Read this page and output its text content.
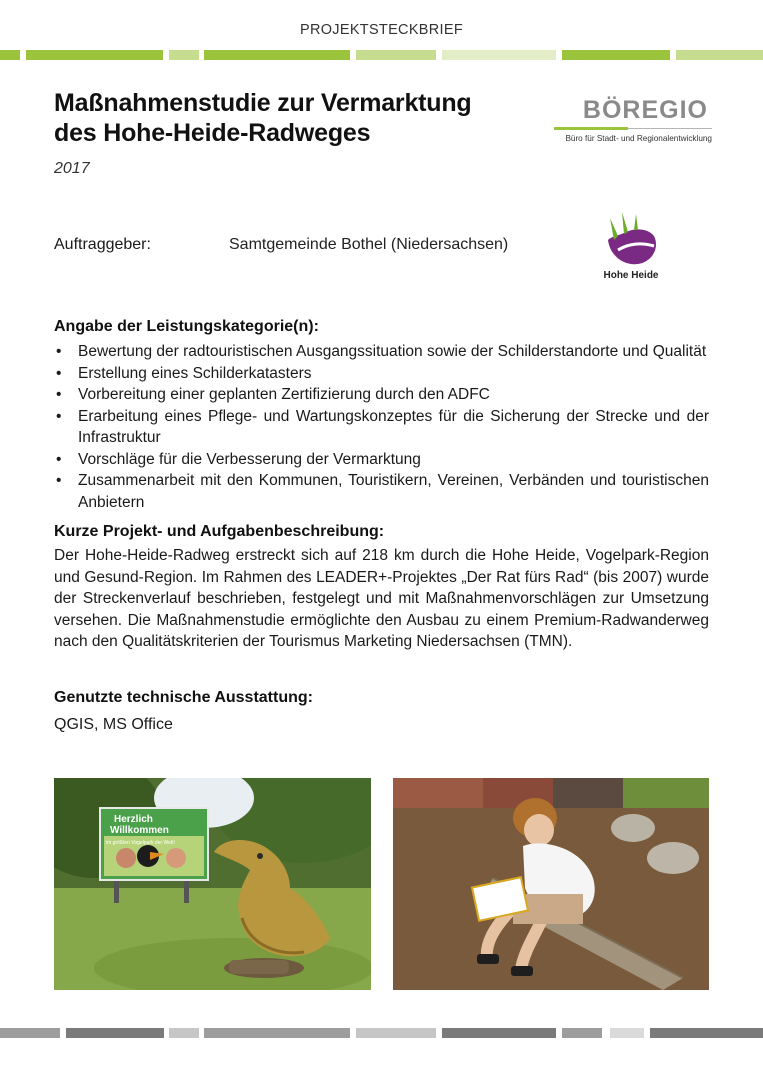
PROJEKTSTECKBRIEF
Maßnahmenstudie zur Vermarktung
des Hohe-Heide-Radweges
2017
BÖREGIO
Büro für Stadt- und Regionalentwicklung
Auftraggeber:	Samtgemeinde Bothel (Niedersachsen)
Hohe Heide
Angabe der Leistungskategorie(n):
• Bewertung der radtouristischen Ausgangssituation sowie der Schilderstandorte und Qualität
• Erstellung eines Schilderkatasters
• Vorbereitung einer geplanten Zertifizierung durch den ADFC
• Erarbeitung eines Pflege- und Wartungskonzeptes für die Sicherung der Strecke und der Infrastruktur
• Vorschläge für die Verbesserung der Vermarktung
• Zusammenarbeit mit den Kommunen, Touristikern, Vereinen, Verbänden und touristischen Anbietern
Kurze Projekt- und Aufgabenbeschreibung:

Der Hohe-Heide-Radweg erstreckt sich auf 218 km durch die Hohe Heide, Vogelpark-Region und Gesund-Region. Im Rahmen des LEADER+-Projektes „Der Rat fürs Rad“ (bis 2007) wurde der Streckenverlauf beschrieben, festgelegt und mit Maßnahmenvorschlägen zur Umsetzung versehen. Die Maßnahmenstudie ermöglichte den Ausbau zu einem Premium-Radwanderweg nach den Qualitätskriterien der Tourismus Marketing Niedersachsen (TMN).

Genutzte technische Ausstattung:
QGIS, MS Office
Herzlich
Willkommen
im größten Vogelpark der Welt!
